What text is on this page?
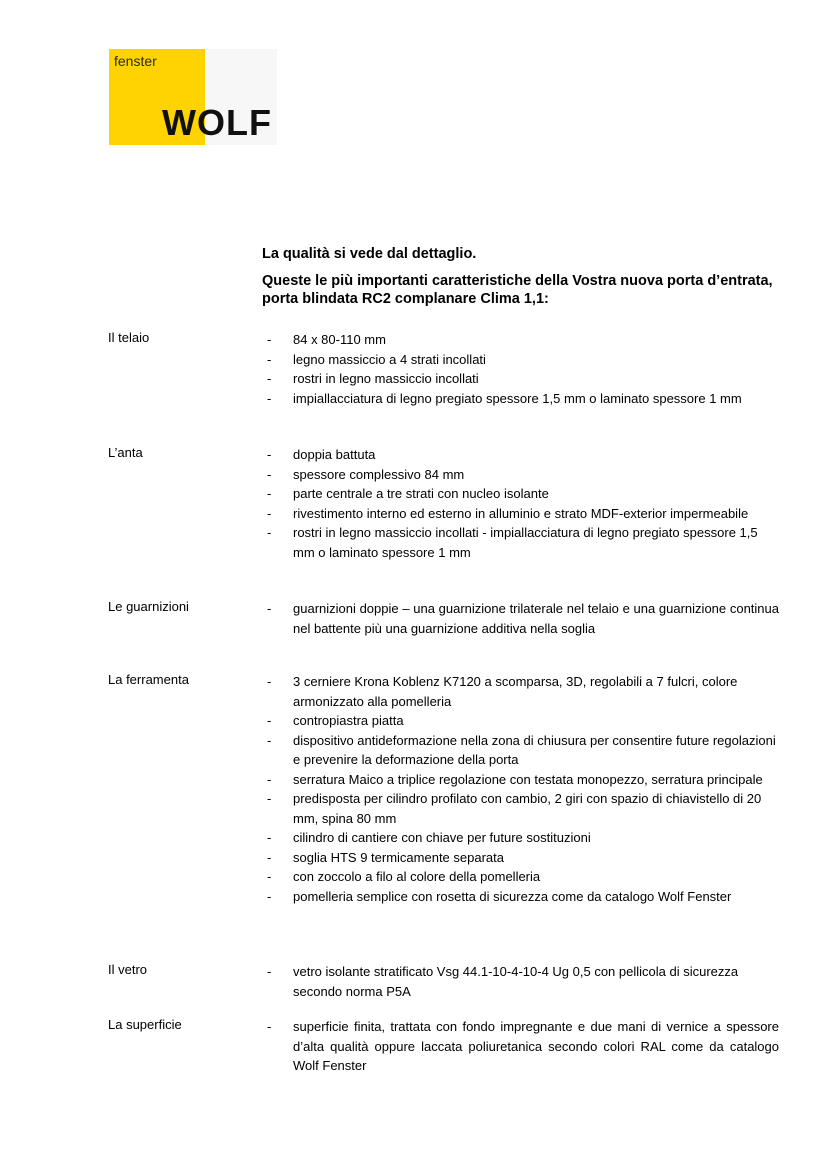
fenster
WOLF
La qualità si vede dal dettaglio.
Queste le più importanti caratteristiche della Vostra nuova porta d’entrata, porta blindata RC2 complanare Clima 1,1:
Il telaio	- 84 x 80-110 mm
- legno massiccio a 4 strati incollati
- rostri in legno massiccio incollati
- impiallacciatura di legno pregiato spessore 1,5 mm o laminato spessore 1 mm
L’anta	- doppia battuta
- spessore complessivo 84 mm
- parte centrale a tre strati con nucleo isolante
- rivestimento interno ed esterno in alluminio e strato MDF-exterior impermeabile
- rostri in legno massiccio incollati - impiallacciatura di legno pregiato spessore 1,5 mm o laminato spessore 1 mm
Le guarnizioni	- guarnizioni doppie – una guarnizione trilaterale nel telaio e una guarnizione continua nel battente più una guarnizione additiva nella soglia
La ferramenta	- 3 cerniere Krona Koblenz K7120 a scomparsa, 3D, regolabili a 7 fulcri, colore armonizzato alla pomelleria
- contropiastra piatta
- dispositivo antideformazione nella zona di chiusura per consentire future regolazioni e prevenire la deformazione della porta
- serratura Maico a triplice regolazione con testata monopezzo, serratura principale
- predisposta per cilindro profilato con cambio, 2 giri con spazio di chiavistello di 20 mm, spina 80 mm
- cilindro di cantiere con chiave per future sostituzioni
- soglia HTS 9 termicamente separata
- con zoccolo a filo al colore della pomelleria
- pomelleria semplice con rosetta di sicurezza come da catalogo Wolf Fenster
Il vetro	- vetro isolante stratificato Vsg 44.1-10-4-10-4 Ug 0,5 con pellicola di sicurezza secondo norma P5A
La superficie	- superficie finita, trattata con fondo impregnante e due mani di vernice a spessore d’alta qualità oppure laccata poliuretanica secondo colori RAL come da catalogo Wolf Fenster
